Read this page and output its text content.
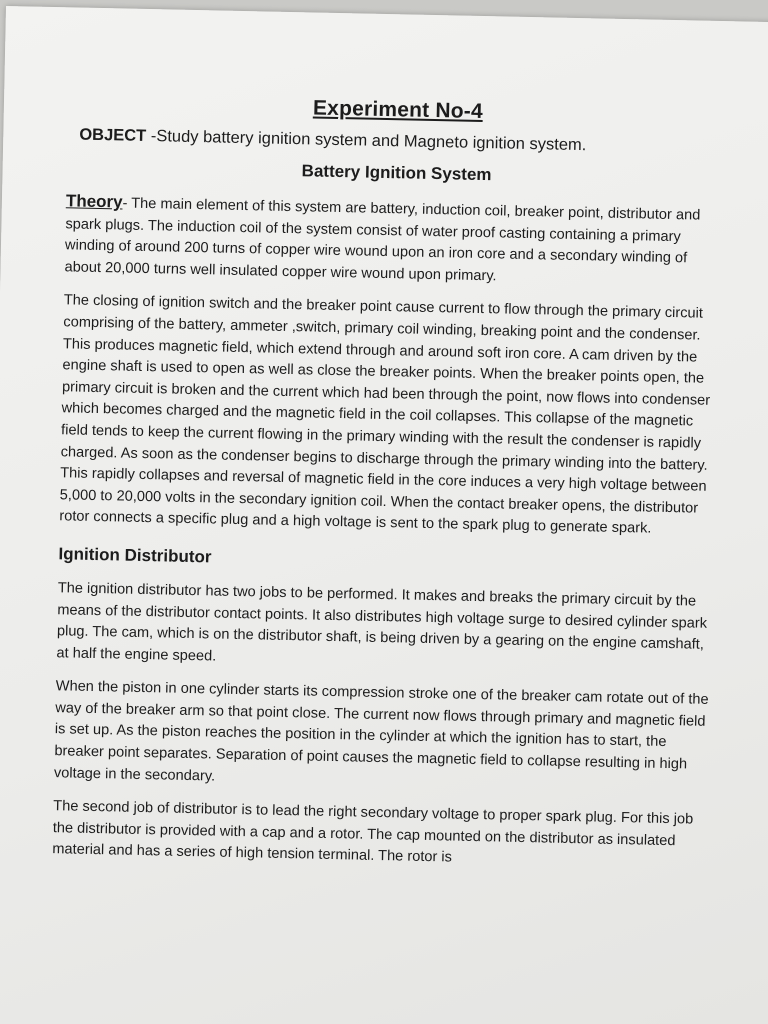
Experiment No-4
OBJECT -Study battery ignition system and Magneto ignition system.
Battery Ignition System

Theory- The main element of this system are battery, induction coil, breaker point, distributor and spark plugs. The induction coil of the system consist of water proof casting containing a primary winding of around 200 turns of copper wire wound upon an iron core and a secondary winding of about 20,000 turns well insulated copper wire wound upon primary.

The closing of ignition switch and the breaker point cause current to flow through the primary circuit comprising of the battery, ammeter ,switch, primary coil winding, breaking point and the condenser. This produces magnetic field, which extend through and around soft iron core. A cam driven by the engine shaft is used to open as well as close the breaker points. When the breaker points open, the primary circuit is broken and the current which had been through the point, now flows into condenser which becomes charged and the magnetic field in the coil collapses. This collapse of the magnetic field tends to keep the current flowing in the primary winding with the result the condenser is rapidly charged. As soon as the condenser begins to discharge through the primary winding into the battery. This rapidly collapses and reversal of magnetic field in the core induces a very high voltage between 5,000 to 20,000 volts in the secondary ignition coil. When the contact breaker opens, the distributor rotor connects a specific plug and a high voltage is sent to the spark plug to generate spark.

Ignition Distributor

The ignition distributor has two jobs to be performed. It makes and breaks the primary circuit by the means of the distributor contact points. It also distributes high voltage surge to desired cylinder spark plug. The cam, which is on the distributor shaft, is being driven by a gearing on the engine camshaft, at half the engine speed.

When the piston in one cylinder starts its compression stroke one of the breaker cam rotate out of the way of the breaker arm so that point close. The current now flows through primary and magnetic field is set up. As the piston reaches the position in the cylinder at which the ignition has to start, the breaker point separates. Separation of point causes the magnetic field to collapse resulting in high voltage in the secondary.

The second job of distributor is to lead the right secondary voltage to proper spark plug. For this job the distributor is provided with a cap and a rotor. The cap mounted on the distributor as insulated material and has a series of high tension terminal. The rotor is
